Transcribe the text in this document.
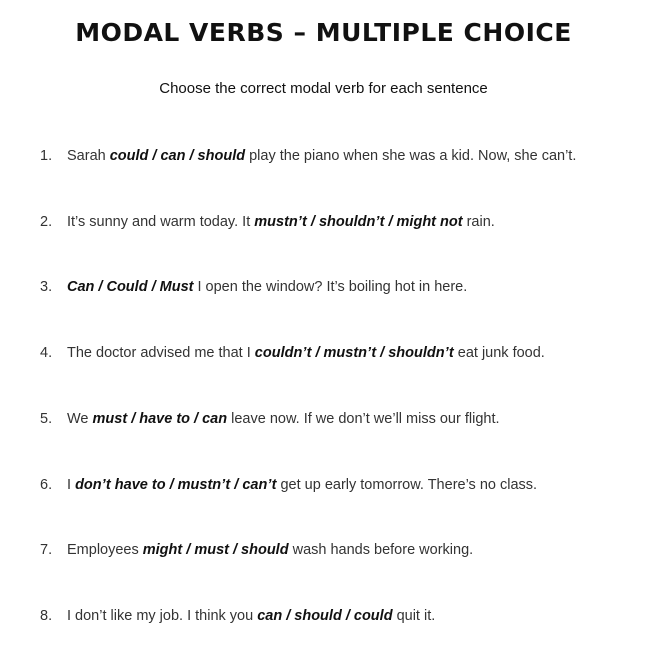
MODAL VERBS – MULTIPLE CHOICE

Choose the correct modal verb for each sentence

1. Sarah could / can / should play the piano when she was a kid. Now, she can’t.
2. It’s sunny and warm today. It mustn’t / shouldn’t / might not rain.
3. Can / Could / Must I open the window? It’s boiling hot in here.
4. The doctor advised me that I couldn’t / mustn’t / shouldn’t eat junk food.
5. We must / have to / can leave now. If we don’t we’ll miss our flight.
6. I don’t have to / mustn’t / can’t get up early tomorrow. There’s no class.
7. Employees might / must / should wash hands before working.
8. I don’t like my job. I think you can / should / could quit it.
